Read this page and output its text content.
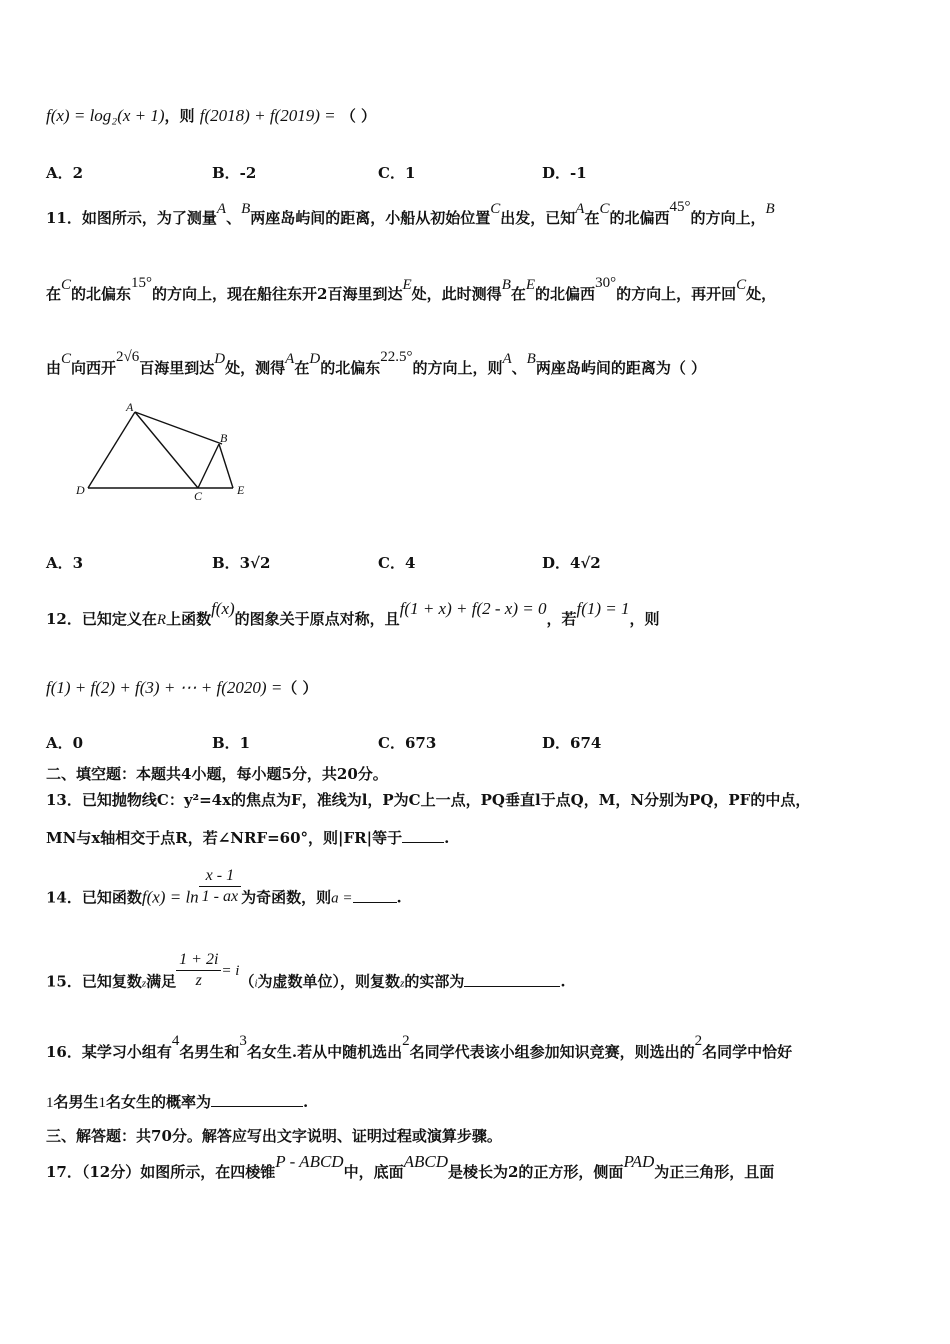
f(x) = log₂(x + 1)，则 f(2018) + f(2019) = （ ）
A．2	B．-2	C．1	D．-1
11．如图所示，为了测量A、B两座岛屿间的距离，小船从初始位置C出发，已知A在C的北偏西45°的方向上，B
在C的北偏东15°的方向上，现在船往东开2百海里到达E处，此时测得B在E的北偏西30°的方向上，再开回C处，
由C向西开2√6百海里到达D处，测得A在D的北偏东22.5°的方向上，则A、B两座岛屿间的距离为（ ）
A
B
C
D	E
A．3	B．3√2	C．4	D．4√2
12．已知定义在R上函数f(x)的图象关于原点对称，且f(1 + x) + f(2 - x) = 0，若f(1) = 1，则
f(1) + f(2) + f(3) + ⋯ + f(2020) =（ ）
A．0	B．1	C．673	D．674
二、填空题：本题共4小题，每小题5分，共20分。
13．已知抛物线C：y²=4x的焦点为F，准线为l，P为C上一点，PQ垂直l于点Q，M，N分别为PQ，PF的中点，
MN与x轴相交于点R，若∠NRF=60°，则|FR|等于	.
14．已知函数$f(x) = \ln \frac{x - 1}{1 - ax}$ 为奇函数，则a =	.
15．已知复数z满足 $\frac{1 + 2i}{z} = i(i$为虚数单位），则复数z的实部为	.
16．某学习小组有4名男生和3名女生.若从中随机选出2名同学代表该小组参加知识竞赛，则选出的2名同学中恰好
1名男生1名女生的概率为	.
三、解答题：共70分。解答应写出文字说明、证明过程或演算步骤。
17．（12分）如图所示，在四棱锥P - ABCD中，底面ABCD是棱长为2的正方形，侧面PAD为正三角形，且面
